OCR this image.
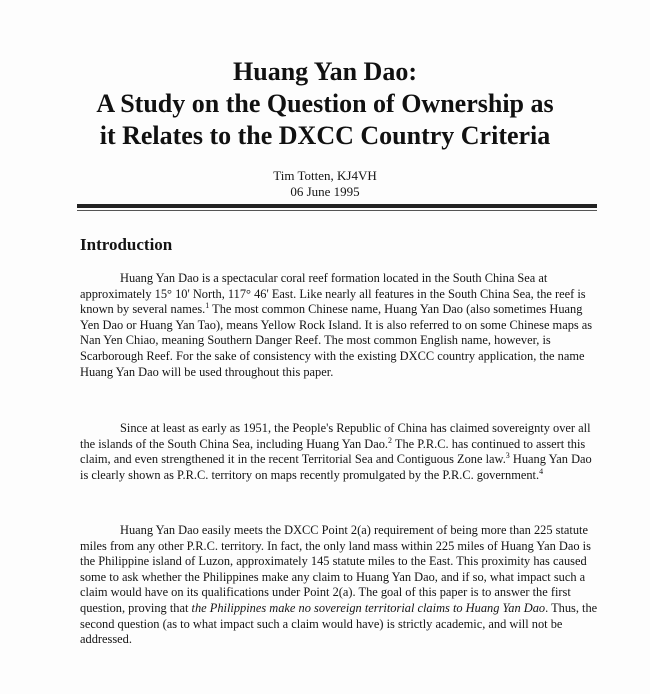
Huang Yan Dao:

A Study on the Question of Ownership as

it Relates to the DXCC Country Criteria

Tim Totten, KJ4VH
06 June 1995
Introduction

Huang Yan Dao is a spectacular coral reef formation located in the South China Sea at approximately 15° 10' North, 117° 46' East. Like nearly all features in the South China Sea, the reef is known by several names.$^1$ The most common Chinese name, Huang Yan Dao (also sometimes Huang Yen Dao or Huang Yan Tao), means Yellow Rock Island. It is also referred to on some Chinese maps as Nan Yen Chiao, meaning Southern Danger Reef. The most common English name, however, is Scarborough Reef. For the sake of consistency with the existing DXCC country application, the name Huang Yan Dao will be used throughout this paper.

Since at least as early as 1951, the People's Republic of China has claimed sovereignty over all the islands of the South China Sea, including Huang Yan Dao.$^2$ The P.R.C. has continued to assert this claim, and even strengthened it in the recent Territorial Sea and Contiguous Zone law.$^3$ Huang Yan Dao is clearly shown as P.R.C. territory on maps recently promulgated by the P.R.C. government.$^4$

Huang Yan Dao easily meets the DXCC Point 2(a) requirement of being more than 225 statute miles from any other P.R.C. territory. In fact, the only land mass within 225 miles of Huang Yan Dao is the Philippine island of Luzon, approximately 145 statute miles to the East. This proximity has caused some to ask whether the Philippines make any claim to Huang Yan Dao, and if so, what impact such a claim would have on its qualifications under Point 2(a). The goal of this paper is to answer the first question, proving that the Philippines make no sovereign territorial claims to Huang Yan Dao. Thus, the second question (as to what impact such a claim would have) is strictly academic, and will not be addressed.
